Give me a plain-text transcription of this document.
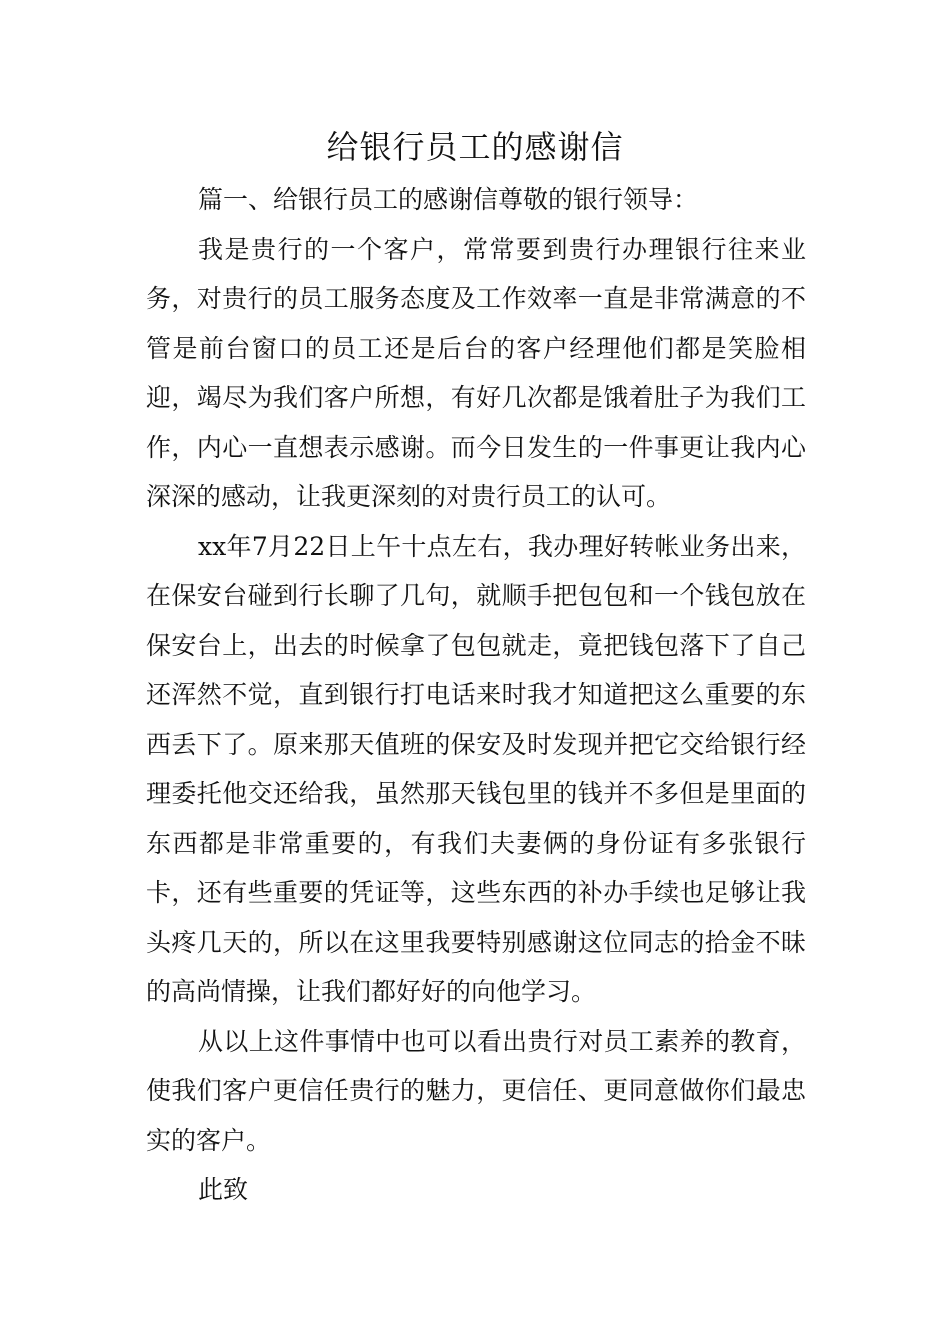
给银行员工的感谢信

篇一、给银行员工的感谢信尊敬的银行领导：

我是贵行的一个客户，常常要到贵行办理银行往来业务，对贵行的员工服务态度及工作效率一直是非常满意的不管是前台窗口的员工还是后台的客户经理他们都是笑脸相迎，竭尽为我们客户所想，有好几次都是饿着肚子为我们工作，内心一直想表示感谢。而今日发生的一件事更让我内心深深的感动，让我更深刻的对贵行员工的认可。

xx年7月22日上午十点左右，我办理好转帐业务出来，在保安台碰到行长聊了几句，就顺手把包包和一个钱包放在保安台上，出去的时候拿了包包就走，竟把钱包落下了自己还浑然不觉，直到银行打电话来时我才知道把这么重要的东西丢下了。原来那天值班的保安及时发现并把它交给银行经理委托他交还给我，虽然那天钱包里的钱并不多但是里面的东西都是非常重要的，有我们夫妻俩的身份证有多张银行卡，还有些重要的凭证等，这些东西的补办手续也足够让我头疼几天的，所以在这里我要特别感谢这位同志的拾金不昧的高尚情操，让我们都好好的向他学习。

从以上这件事情中也可以看出贵行对员工素养的教育，使我们客户更信任贵行的魅力，更信任、更同意做你们最忠实的客户。

此致
